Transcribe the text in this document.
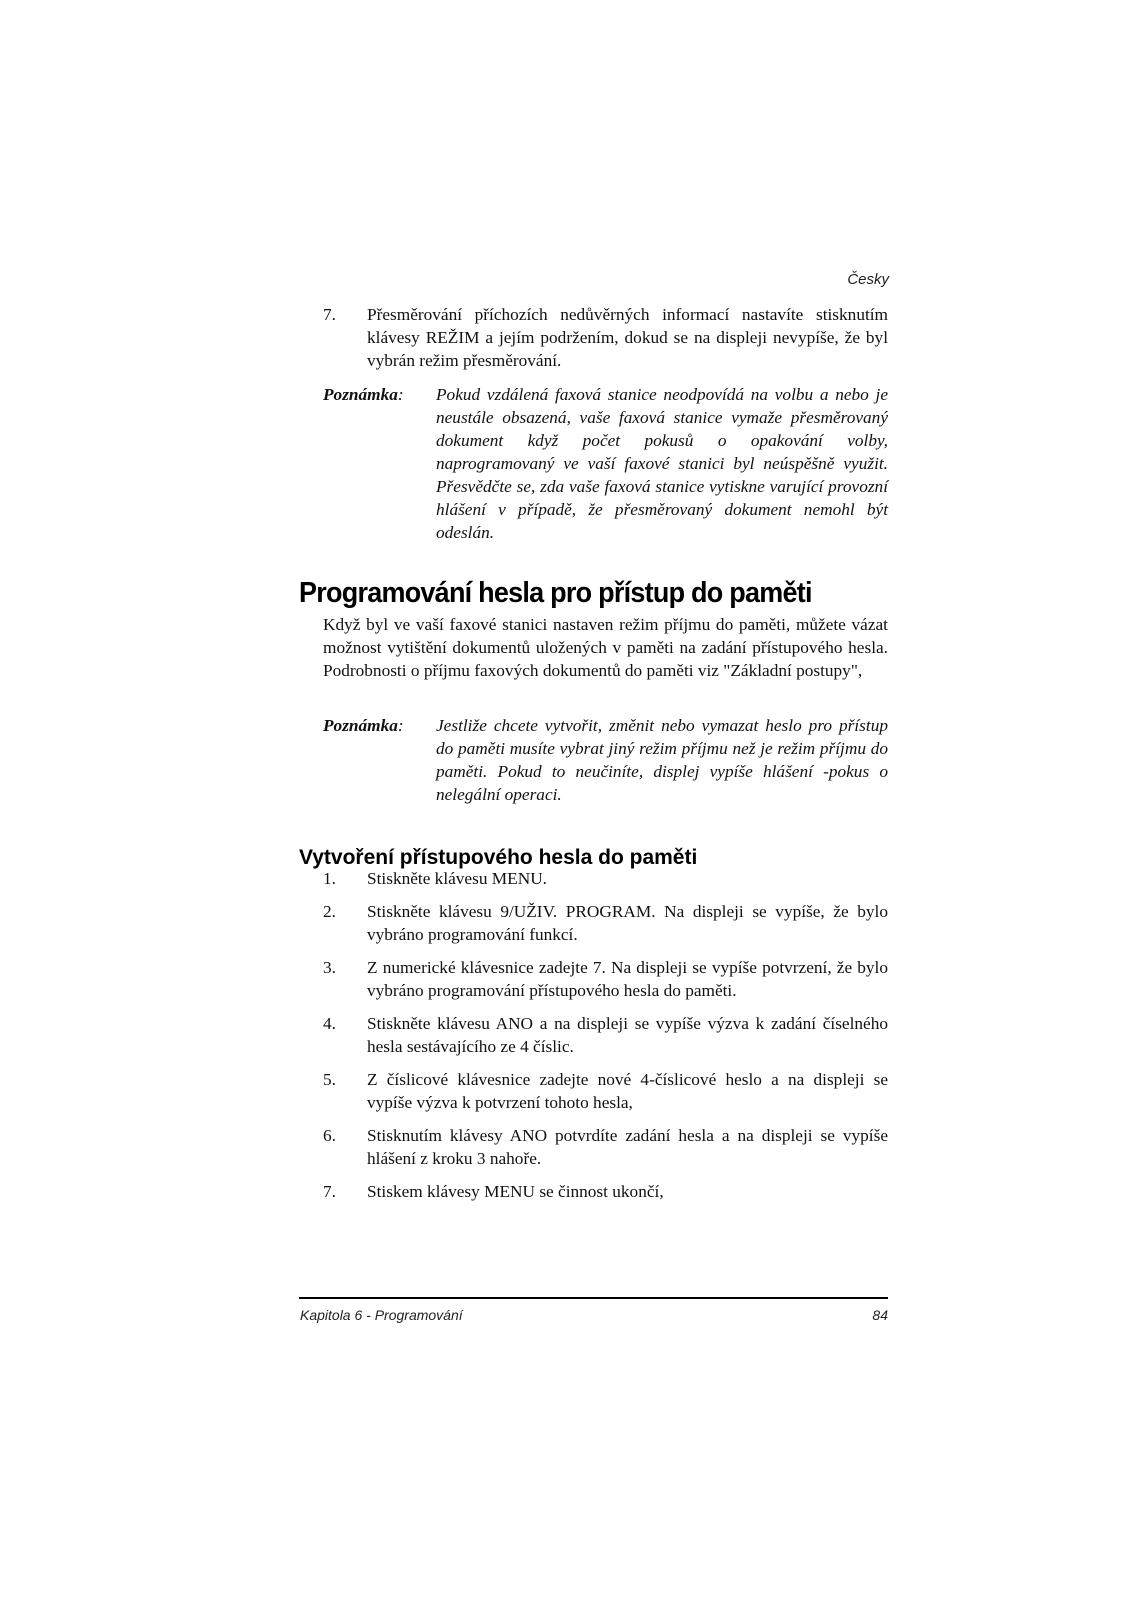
Česky
7. Přesměrování příchozích nedůvěrných informací nastavíte stisknutím klávesy REŽIM a jejím podržením, dokud se na displeji nevypíše, že byl vybrán režim přesměrování.
Poznámka: Pokud vzdálená faxová stanice neodpovídá na volbu a nebo je neustále obsazená, vaše faxová stanice vymaže přesměrovaný dokument když počet pokusů o opakování volby, naprogramovaný ve vaší faxové stanici byl neúspěšně využit. Přesvědčte se, zda vaše faxová stanice vytiskne varující provozní hlášení v případě, že přesměrovaný dokument nemohl být odeslán.
Programování hesla pro přístup do paměti
Když byl ve vaší faxové stanici nastaven režim příjmu do paměti, můžete vázat možnost vytištění dokumentů uložených v paměti na zadání přístupového hesla. Podrobnosti o příjmu faxových dokumentů do paměti viz "Základní postupy",
Poznámka: Jestliže chcete vytvořit, změnit nebo vymazat heslo pro přístup do paměti musíte vybrat jiný režim příjmu než je režim příjmu do paměti. Pokud to neučiníte, displej vypíše hlášení -pokus o nelegální operaci.
Vytvoření přístupového hesla do paměti
1. Stiskněte klávesu MENU.
2. Stiskněte klávesu 9/UŽIV. PROGRAM. Na displeji se vypíše, že bylo vybráno programování funkcí.
3. Z numerické klávesnice zadejte 7. Na displeji se vypíše potvrzení, že bylo vybráno programování přístupového hesla do paměti.
4. Stiskněte klávesu ANO a na displeji se vypíše výzva k zadání číselného hesla sestávajícího ze 4 číslic.
5. Z číslicové klávesnice zadejte nové 4-číslicové heslo a na displeji se vypíše výzva k potvrzení tohoto hesla,
6. Stisknutím klávesy ANO potvrdíte zadání hesla a na displeji se vypíše hlášení z kroku 3 nahoře.
7. Stiskem klávesy MENU se činnost ukončí,
Kapitola 6 - Programování	84
